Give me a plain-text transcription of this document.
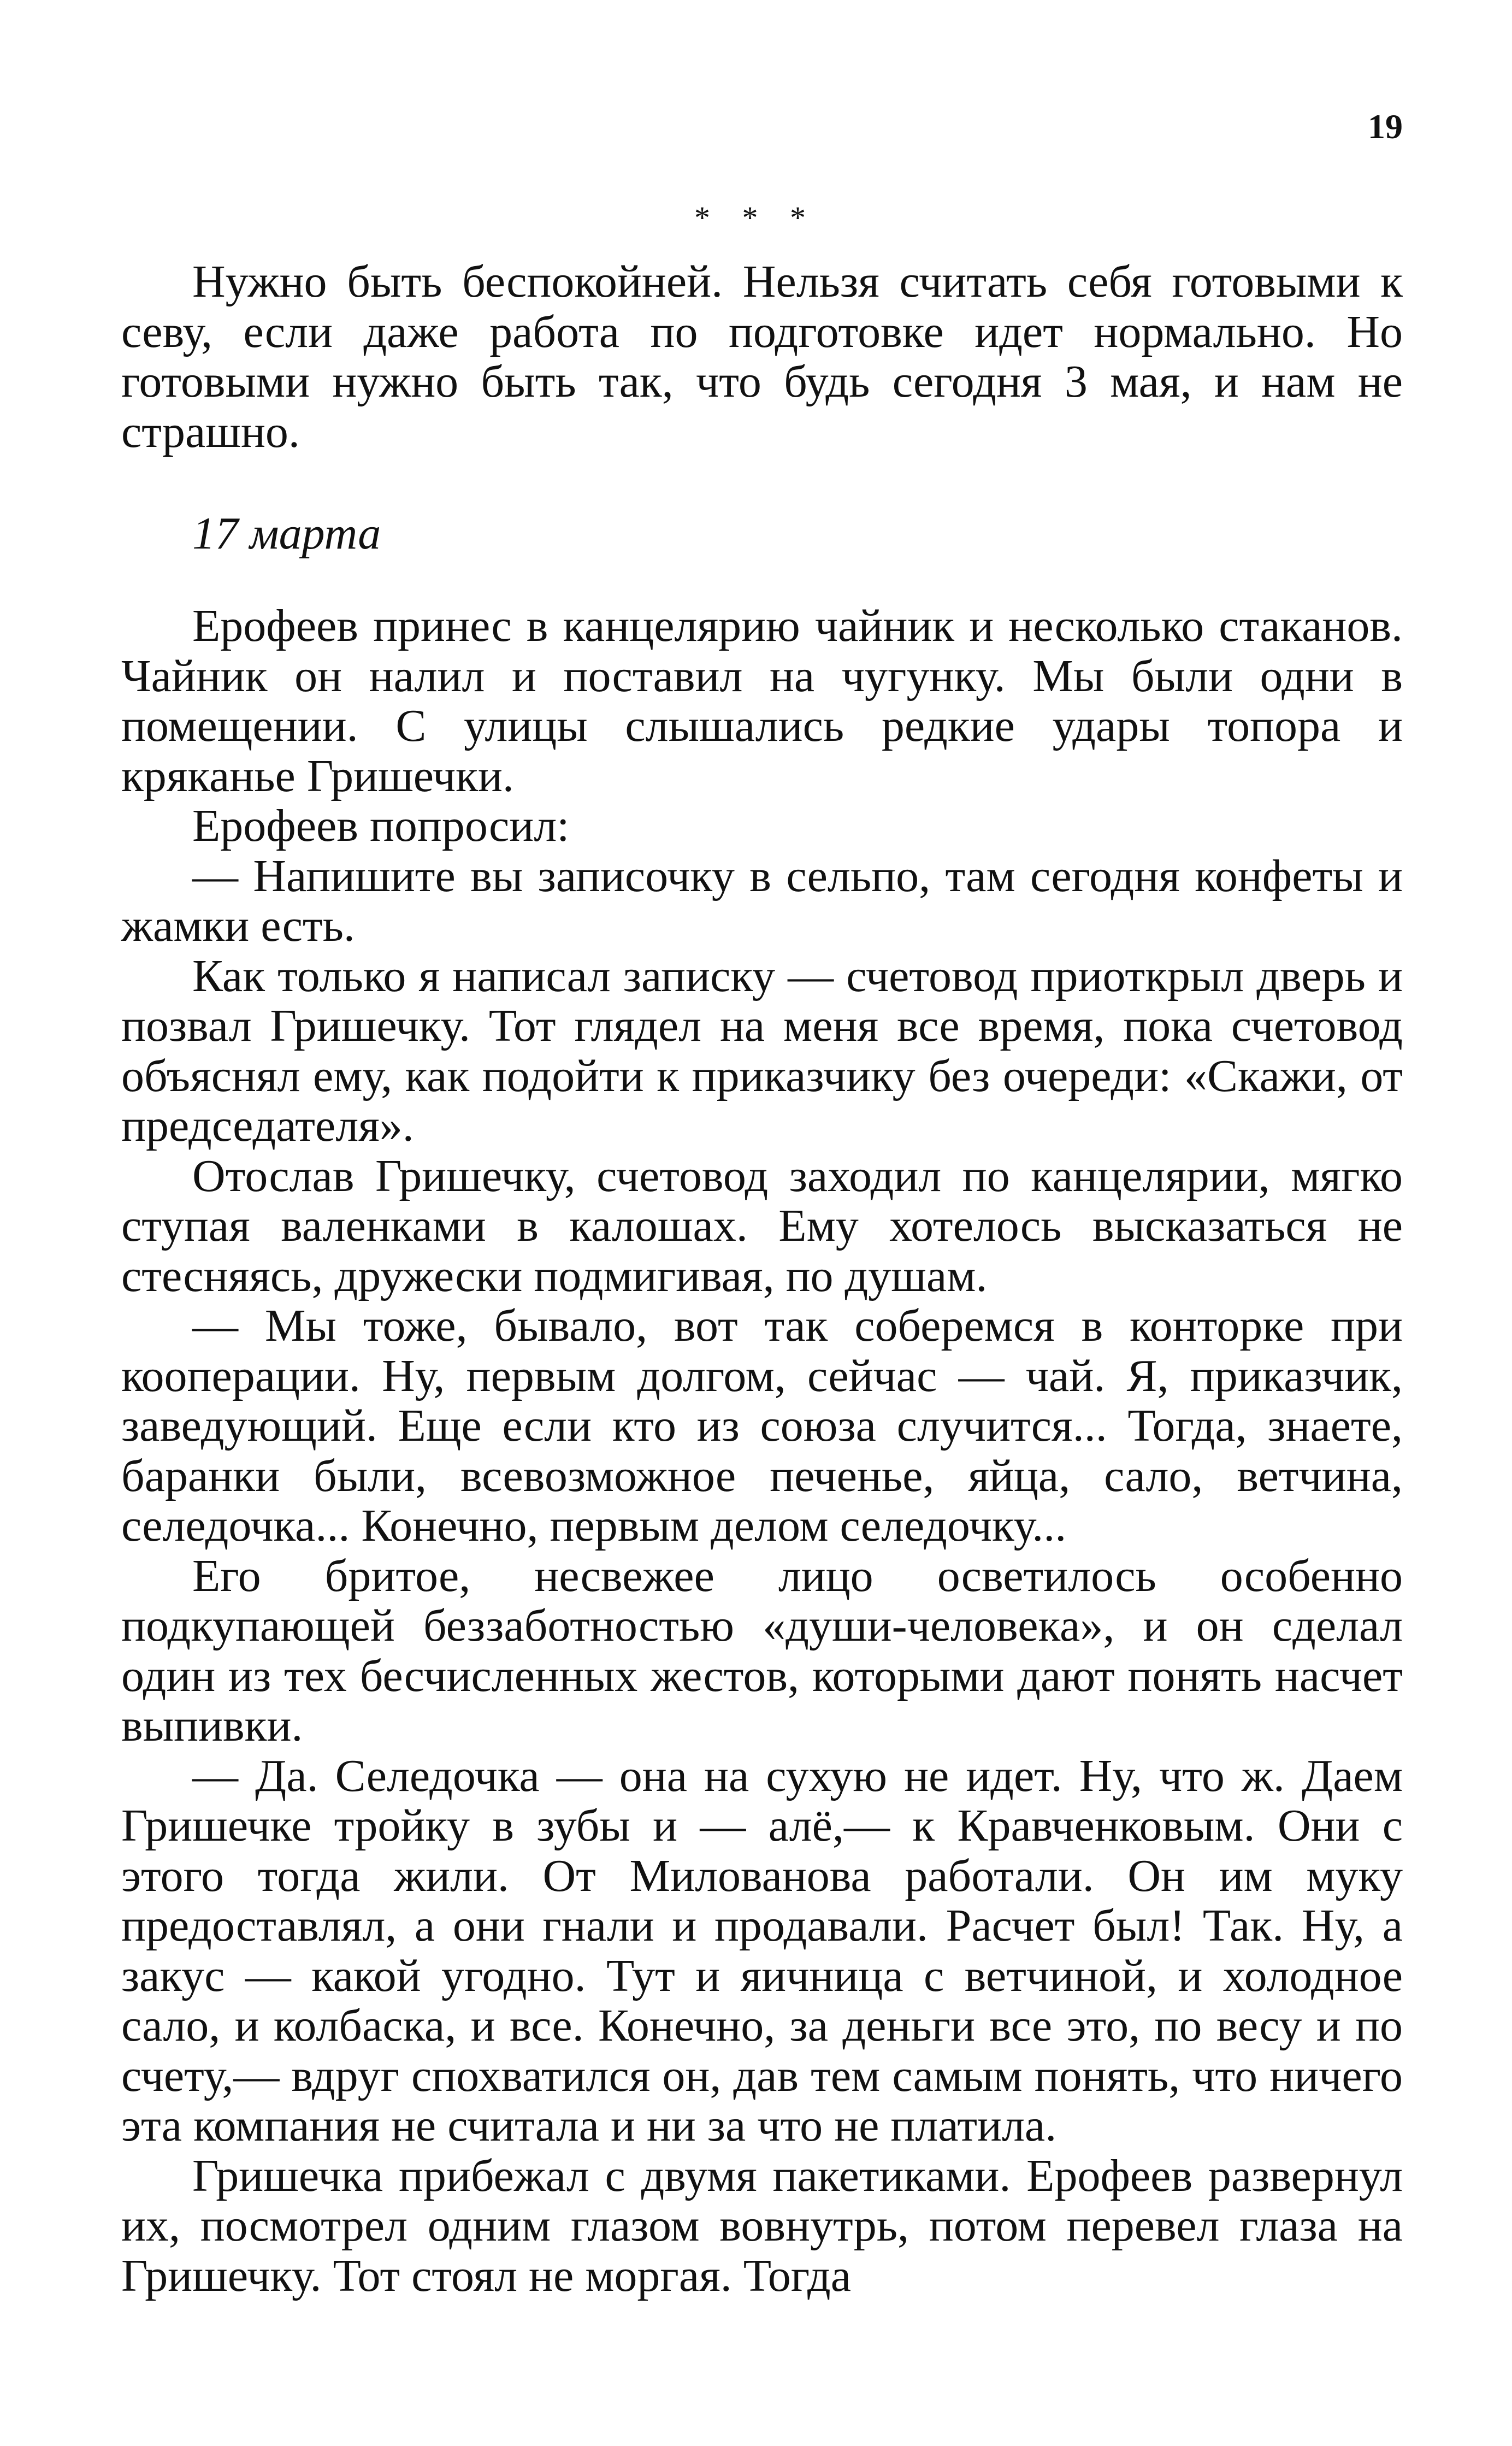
19
* * *

Нужно быть беспокойней. Нельзя считать себя готовыми к севу, если даже работа по подготовке идет нормально. Но готовыми нужно быть так, что будь сегодня 3 мая, и нам не страшно.

17 марта

Ерофеев принес в канцелярию чайник и несколько стаканов. Чайник он налил и поставил на чугунку. Мы были одни в помещении. С улицы слышались редкие удары топора и кряканье Гришечки.

Ерофеев попросил:

— Напишите вы записочку в сельпо, там сегодня конфеты и жамки есть.

Как только я написал записку — счетовод приоткрыл дверь и позвал Гришечку. Тот глядел на меня все время, пока счетовод объяснял ему, как подойти к приказчику без очереди: «Скажи, от председателя».

Отослав Гришечку, счетовод заходил по канцелярии, мягко ступая валенками в калошах. Ему хотелось высказаться не стесняясь, дружески подмигивая, по душам.

— Мы тоже, бывало, вот так соберемся в конторке при кооперации. Ну, первым долгом, сейчас — чай. Я, приказчик, заведующий. Еще если кто из союза случится... Тогда, знаете, баранки были, всевозможное печенье, яйца, сало, ветчина, селедочка... Конечно, первым делом селедочку...

Его бритое, несвежее лицо осветилось особенно подкупающей беззаботностью «души-человека», и он сделал один из тех бесчисленных жестов, которыми дают понять насчет выпивки.

— Да. Селедочка — она на сухую не идет. Ну, что ж. Даем Гришечке тройку в зубы и — алё,— к Кравченковым. Они с этого тогда жили. От Милованова работали. Он им муку предоставлял, а они гнали и продавали. Расчет был! Так. Ну, а закус — какой угодно. Тут и яичница с ветчиной, и холодное сало, и колбаска, и все. Конечно, за деньги все это, по весу и по счету,— вдруг спохватился он, дав тем самым понять, что ничего эта компания не считала и ни за что не платила.

Гришечка прибежал с двумя пакетиками. Ерофеев развернул их, посмотрел одним глазом вовнутрь, потом перевел глаза на Гришечку. Тот стоял не моргая. Тогда
